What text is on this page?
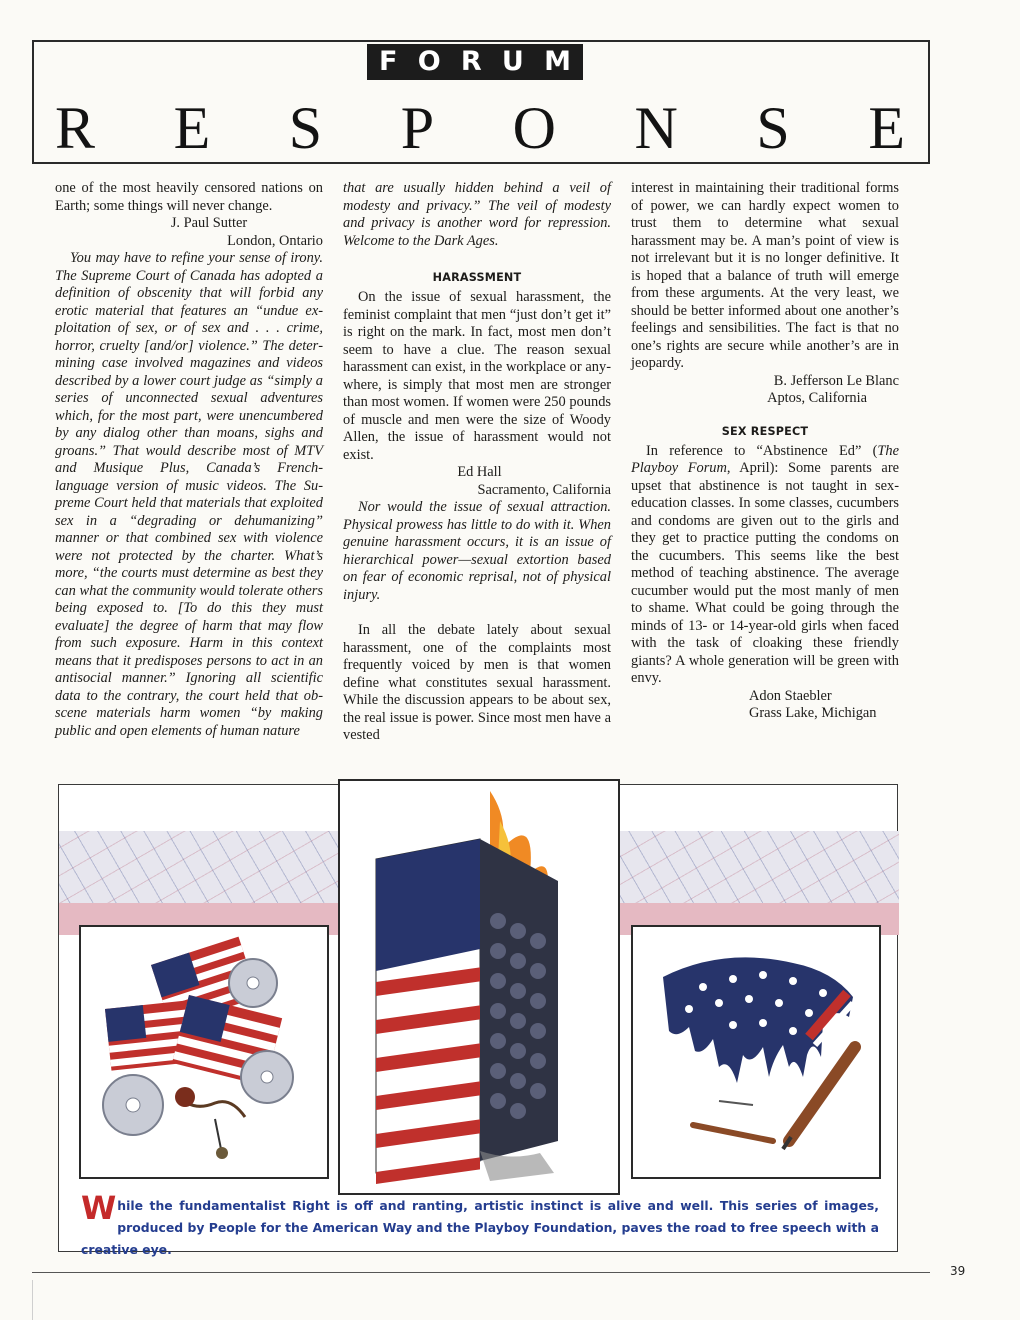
F O R U M
R E S P O N S E

one of the most heavily censored nations on Earth; some things will never change.

J. Paul Sutter

London, Ontario

You may have to refine your sense of irony. The Supreme Court of Canada has adopted a definition of obscenity that will forbid any erotic material that features an “undue exploitation of sex, or of sex and . . . crime, horror, cruelty [and/or] violence.” The determining case involved magazines and videos described by a lower court judge as “simply a series of unconnected sexual adventures which, for the most part, were unencumbered by any dialog other than moans, sighs and groans.” That would describe most of MTV and Musique Plus, Canada’s French-language version of music videos. The Supreme Court held that materials that exploited sex in a “degrading or dehumanizing” manner or that combined sex with violence were not protected by the charter. What’s more, “the courts must determine as best they can what the community would tolerate others being exposed to. [To do this they must evaluate] the degree of harm that may flow from such exposure. Harm in this context means that it predisposes persons to act in an antisocial manner.” Ignoring all scientific data to the contrary, the court held that obscene materials harm women “by making public and open elements of human nature

that are usually hidden behind a veil of modesty and privacy.” The veil of modesty and privacy is another word for repression. Welcome to the Dark Ages.

HARASSMENT

On the issue of sexual harassment, the feminist complaint that men “just don’t get it” is right on the mark. In fact, most men don’t seem to have a clue. The reason sexual harassment can exist, in the workplace or anywhere, is simply that most men are stronger than most women. If women were 250 pounds of muscle and men were the size of Woody Allen, the issue of harassment would not exist.

Ed Hall

Sacramento, California

Nor would the issue of sexual attraction. Physical prowess has little to do with it. When genuine harassment occurs, it is an issue of hierarchical power—sexual extortion based on fear of economic reprisal, not of physical injury.

In all the debate lately about sexual harassment, one of the complaints most frequently voiced by men is that women define what constitutes sexual harassment. While the discussion appears to be about sex, the real issue is power. Since most men have a vested

interest in maintaining their traditional forms of power, we can hardly expect women to trust them to determine what sexual harassment may be. A man’s point of view is not irrelevant but it is no longer definitive. It is hoped that a balance of truth will emerge from these arguments. At the very least, we should be better informed about one another’s feelings and sensibilities. The fact is that no one’s rights are secure while another’s are in jeopardy.

B. Jefferson Le Blanc

Aptos, California

SEX RESPECT

In reference to “Abstinence Ed” (The Playboy Forum, April): Some parents are upset that abstinence is not taught in sex-education classes. In some classes, cucumbers and condoms are given out to the girls and they get to practice putting the condoms on the cucumbers. This seems like the best method of teaching abstinence. The average cucumber would put the most manly of men to shame. What could be going through the minds of 13- or 14-year-old girls when faced with the task of cloaking these friendly giants? A whole generation will be green with envy.

Adon Staebler

Grass Lake, Michigan

While the fundamentalist Right is off and ranting, artistic instinct is alive and well. This series of images, produced by People for the American Way and the Playboy Foundation, paves the road to free speech with a creative eye.
39
